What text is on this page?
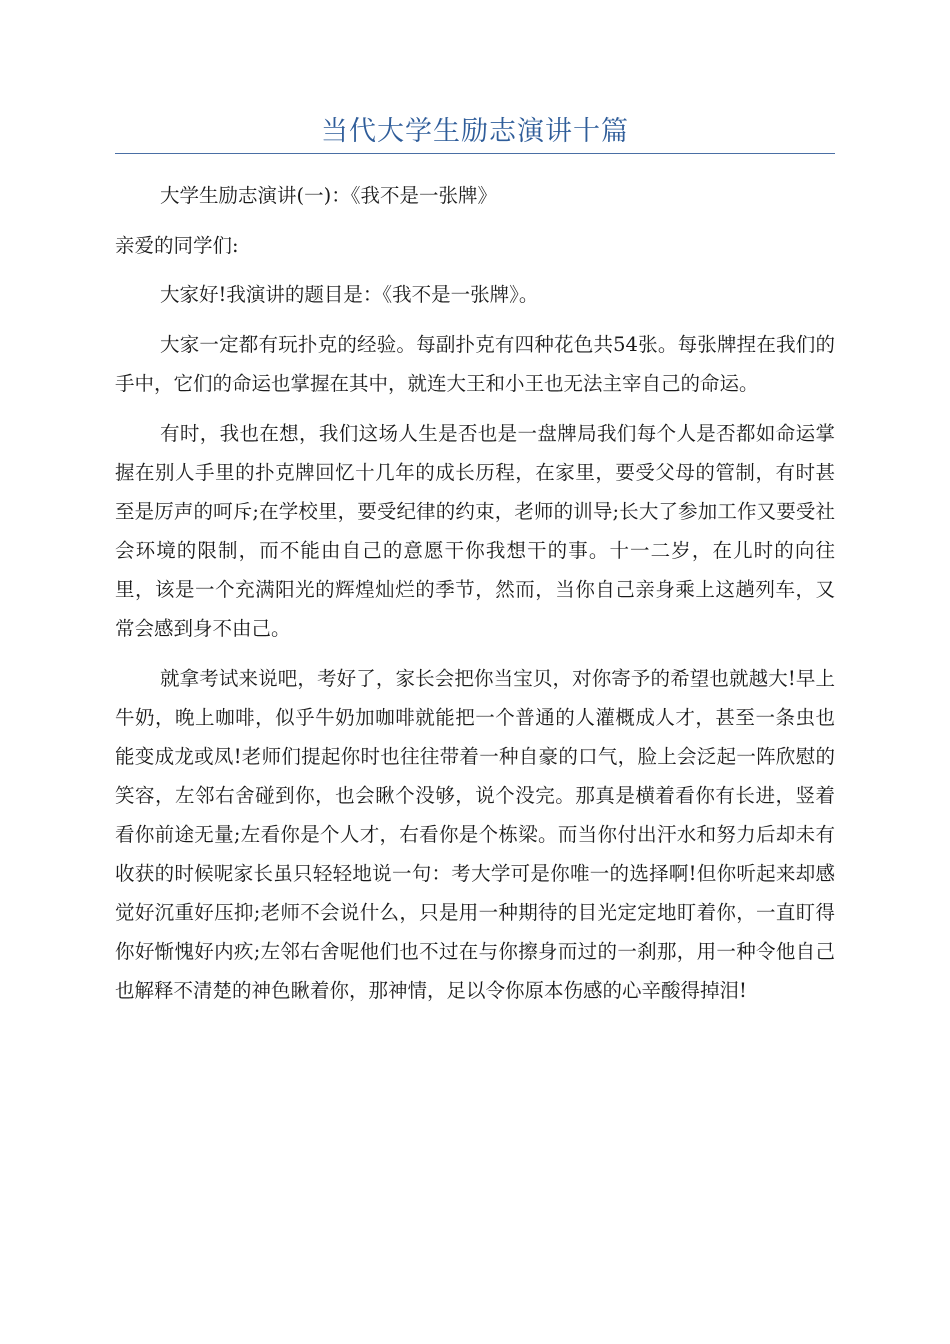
当代大学生励志演讲十篇

大学生励志演讲(一)：《我不是一张牌》

亲爱的同学们:

大家好!我演讲的题目是：《我不是一张牌》。

大家一定都有玩扑克的经验。每副扑克有四种花色共54张。每张牌捏在我们的手中，它们的命运也掌握在其中，就连大王和小王也无法主宰自己的命运。

有时，我也在想，我们这场人生是否也是一盘牌局我们每个人是否都如命运掌握在别人手里的扑克牌回忆十几年的成长历程，在家里，要受父母的管制，有时甚至是厉声的呵斥;在学校里，要受纪律的约束，老师的训导;长大了参加工作又要受社会环境的限制，而不能由自己的意愿干你我想干的事。十一二岁，在儿时的向往里，该是一个充满阳光的辉煌灿烂的季节，然而，当你自己亲身乘上这趟列车，又常会感到身不由己。

就拿考试来说吧，考好了，家长会把你当宝贝，对你寄予的希望也就越大!早上牛奶，晚上咖啡，似乎牛奶加咖啡就能把一个普通的人灌概成人才，甚至一条虫也能变成龙或凤!老师们提起你时也往往带着一种自豪的口气，脸上会泛起一阵欣慰的笑容，左邻右舍碰到你，也会瞅个没够，说个没完。那真是横着看你有长进，竖着看你前途无量;左看你是个人才，右看你是个栋梁。而当你付出汗水和努力后却未有收获的时候呢家长虽只轻轻地说一句：考大学可是你唯一的选择啊!但你听起来却感觉好沉重好压抑;老师不会说什么，只是用一种期待的目光定定地盯着你，一直盯得你好惭愧好内疚;左邻右舍呢他们也不过在与你擦身而过的一刹那，用一种令他自己也解释不清楚的神色瞅着你，那神情，足以令你原本伤感的心辛酸得掉泪!
